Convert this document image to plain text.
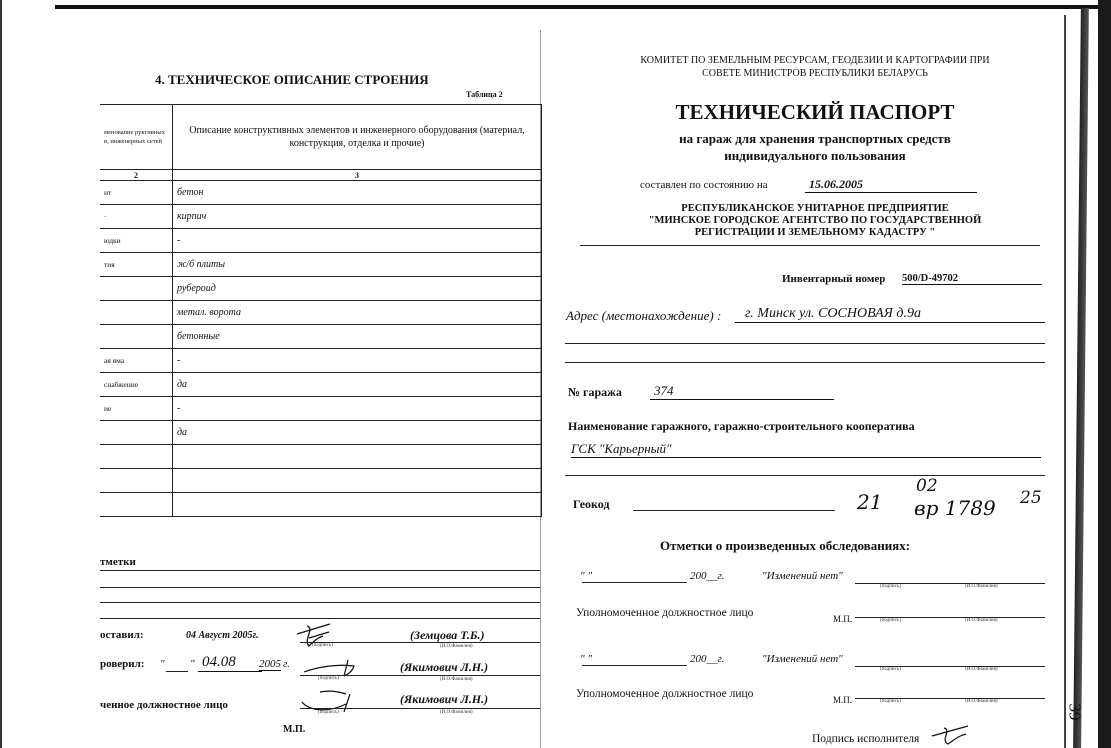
4. ТЕХНИЧЕСКОЕ ОПИСАНИЕ СТРОЕНИЯ
Таблица 2
меновапие рукгивных в, инженерных сетей	Описание конструктивных элементов и инженерного оборудования (материал, конструкция, отделка и прочие)
2	3
нт	бетон
·	кирпич
юдки	-
тия	ж/б плиты
	рубероид
	метал. ворота
	бетонные
ая яма	-
снабжение	да
ие	-
	да

тметки
оставил:	04 Август 2005г.
(подпись)
(Земцова Т.Б.)
(И.О.Фамилия)
роверил: " " 04.08	2005 г.
(подпись)
(Якимович Л.Н.)
(И.О.Фамилия)
ченное должностное лицо
(подпись)
(Якимович Л.Н.)
(И.О.Фамилия)
М.П.
КОМИТЕТ ПО ЗЕМЕЛЬНЫМ РЕСУРСАМ, ГЕОДЕЗИИ И КАРТОГРАФИИ ПРИ
СОВЕТЕ МИНИСТРОВ РЕСПУБЛИКИ БЕЛАРУСЬ
ТЕХНИЧЕСКИЙ ПАСПОРТ
на гараж для хранения транспортных средств
индивидуального пользования
составлен по состоянию на	15.06.2005
РЕСПУБЛИКАНСКОЕ УНИТАРНОЕ ПРЕДПРИЯТИЕ
"МИНСКОЕ ГОРОДСКОЕ АГЕНТСТВО ПО ГОСУДАРСТВЕННОЙ
РЕГИСТРАЦИИ И ЗЕМЕЛЬНОМУ КАДАСТРУ "
Инвентарный номер 500/D-49702
Адрес (местонахождение) :	г. Минск ул. СОСНОВАЯ д.9а
№ гаража	374
Наименование гаражного, гаражно-строительного кооператива
ГСК "Карьерный"
Геокод	21
02
25
вр 1789
Отметки о произведенных обследованиях:
" "	200__г.	"Изменений нет"
(подпись)	(И.О.Фамилия)
Уполномоченное должностное лицо	М.П.	(подпись)	(И.О.Фамилия)
" "	200__г.	"Изменений нет"
(подпись)	(И.О.Фамилия)
Уполномоченное должностное лицо	М.П.	(подпись)	(И.О.Фамилия)
Подпись исполнителя
39
